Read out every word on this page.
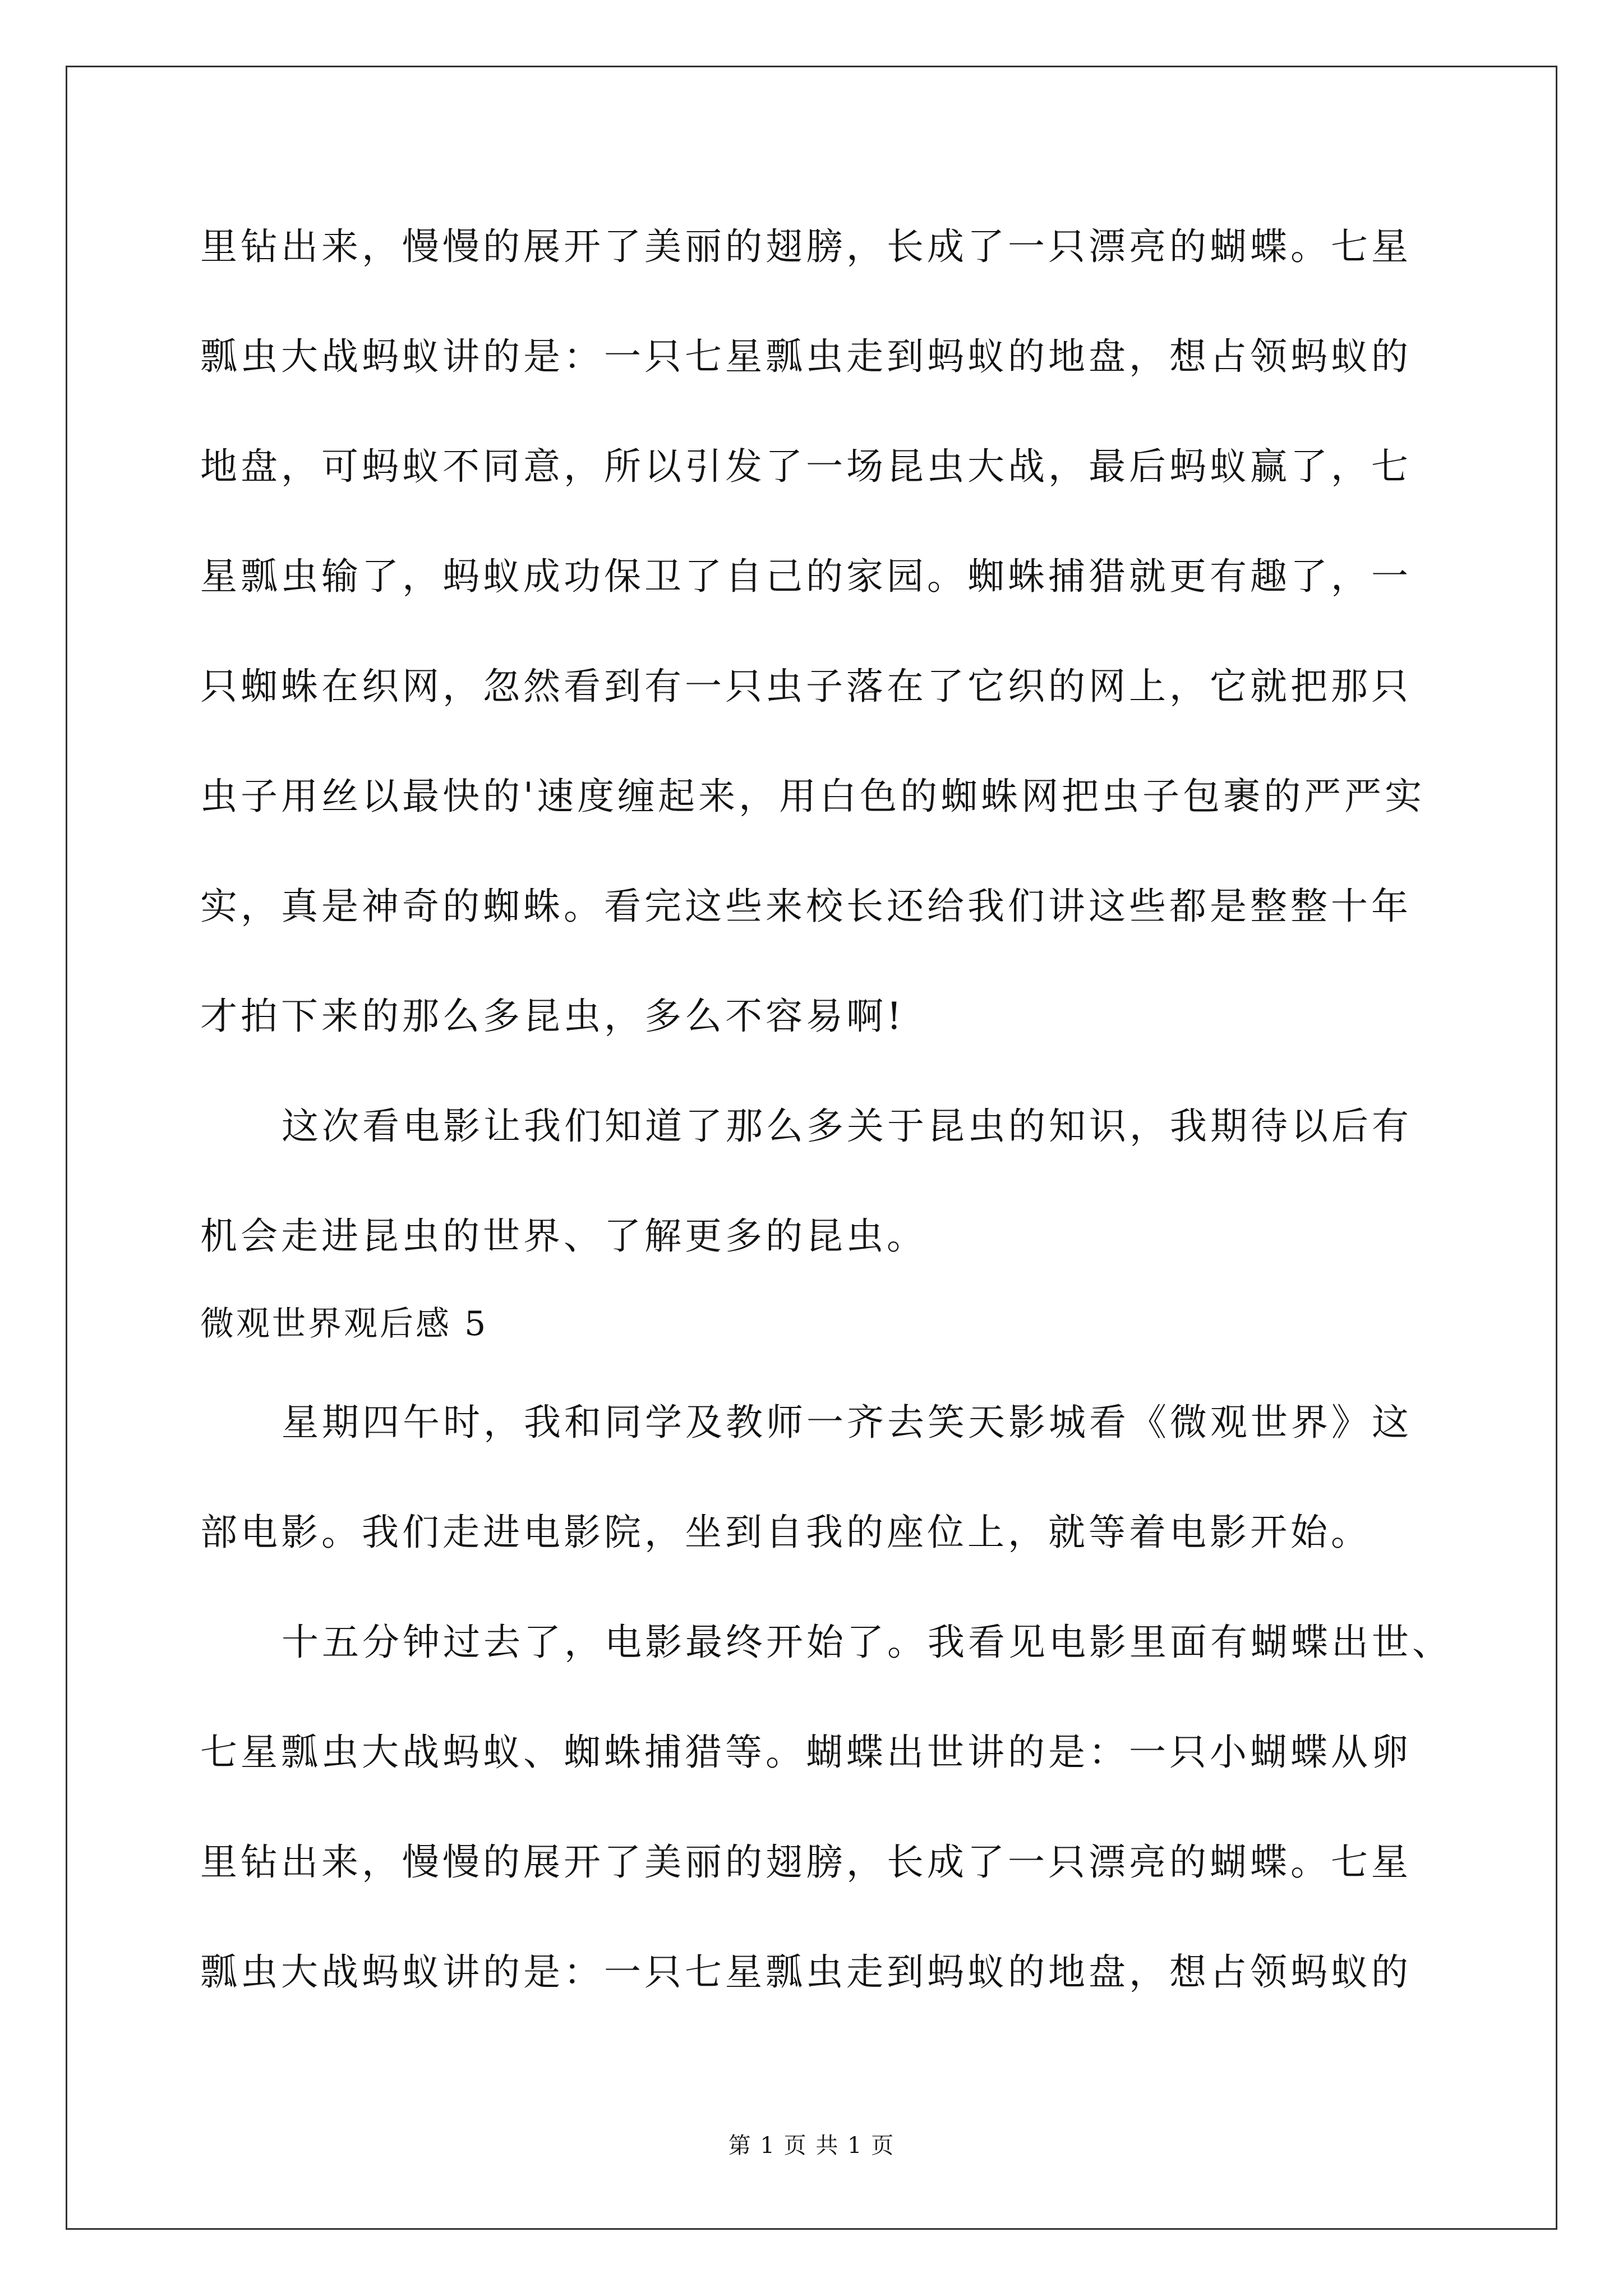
里钻出来，慢慢的展开了美丽的翅膀，长成了一只漂亮的蝴蝶。七星
瓢虫大战蚂蚁讲的是：一只七星瓢虫走到蚂蚁的地盘，想占领蚂蚁的
地盘，可蚂蚁不同意，所以引发了一场昆虫大战，最后蚂蚁赢了，七
星瓢虫输了，蚂蚁成功保卫了自己的家园。蜘蛛捕猎就更有趣了，一
只蜘蛛在织网，忽然看到有一只虫子落在了它织的网上，它就把那只
虫子用丝以最快的'速度缠起来，用白色的蜘蛛网把虫子包裹的严严实
实，真是神奇的蜘蛛。看完这些来校长还给我们讲这些都是整整十年
才拍下来的那么多昆虫，多么不容易啊!
这次看电影让我们知道了那么多关于昆虫的知识，我期待以后有
机会走进昆虫的世界、了解更多的昆虫。
微观世界观后感 5
星期四午时，我和同学及教师一齐去笑天影城看《微观世界》这
部电影。我们走进电影院，坐到自我的座位上，就等着电影开始。
十五分钟过去了，电影最终开始了。我看见电影里面有蝴蝶出世、
七星瓢虫大战蚂蚁、蜘蛛捕猎等。蝴蝶出世讲的是：一只小蝴蝶从卵
里钻出来，慢慢的展开了美丽的翅膀，长成了一只漂亮的蝴蝶。七星
瓢虫大战蚂蚁讲的是：一只七星瓢虫走到蚂蚁的地盘，想占领蚂蚁的
第 1 页 共 1 页
